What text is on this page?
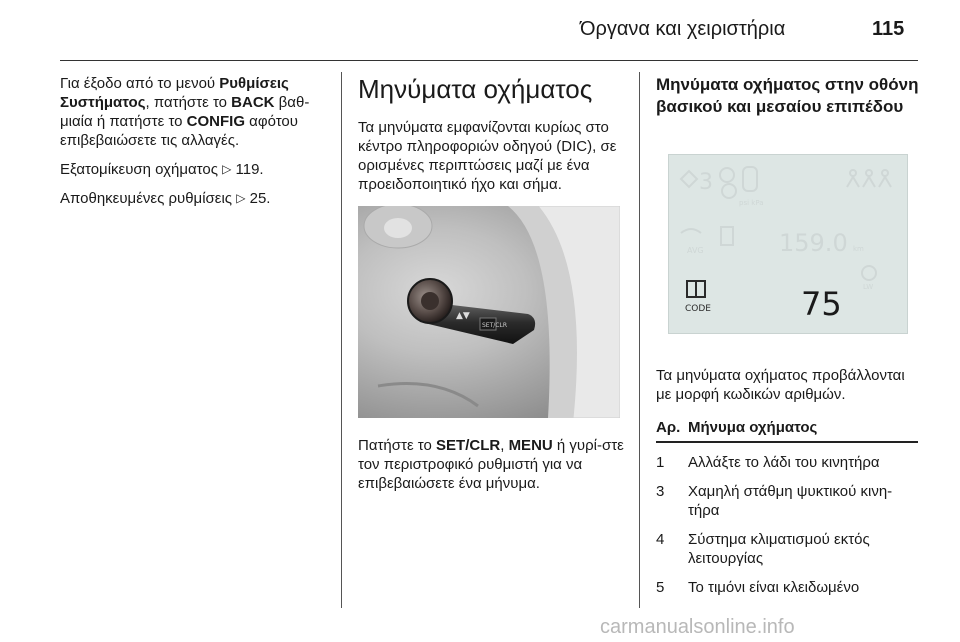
Όργανα και χειριστήρια	115

Για έξοδο από το μενού Ρυθμίσεις Συστήματος, πατήστε το BACK βαθ-μιαία ή πατήστε το CONFIG αφότου επιβεβαιώσετε τις αλλαγές.

Εξατομίκευση οχήματος ▷ 119.

Αποθηκευμένες ρυθμίσεις ▷ 25.

Μηνύματα οχήματος

Τα μηνύματα εμφανίζονται κυρίως στο κέντρο πληροφοριών οδηγού (DIC), σε ορισμένες περιπτώσεις μαζί με ένα προειδοποιητικό ήχο και σήμα.

▲▼
SET/CLR

Πατήστε το SET/CLR, MENU ή γυρί-στε τον περιστροφικό ρυθμιστή για να επιβεβαιώσετε ένα μήνυμα.

Μηνύματα οχήματος στην οθόνη βασικού και μεσαίου επιπέδου
3
psi kPa
AVG	159.0 km
CODE	75	LW

Τα μηνύματα οχήματος προβάλλονται με μορφή κωδικών αριθμών.

Αρ.	Μήνυμα οχήματος
1	Αλλάξτε το λάδι του κινητήρα
3	Χαμηλή στάθμη ψυκτικού κινη-τήρα
4	Σύστημα κλιματισμού εκτός λειτουργίας
5	Το τιμόνι είναι κλειδωμένο
carmanualsonline.info
